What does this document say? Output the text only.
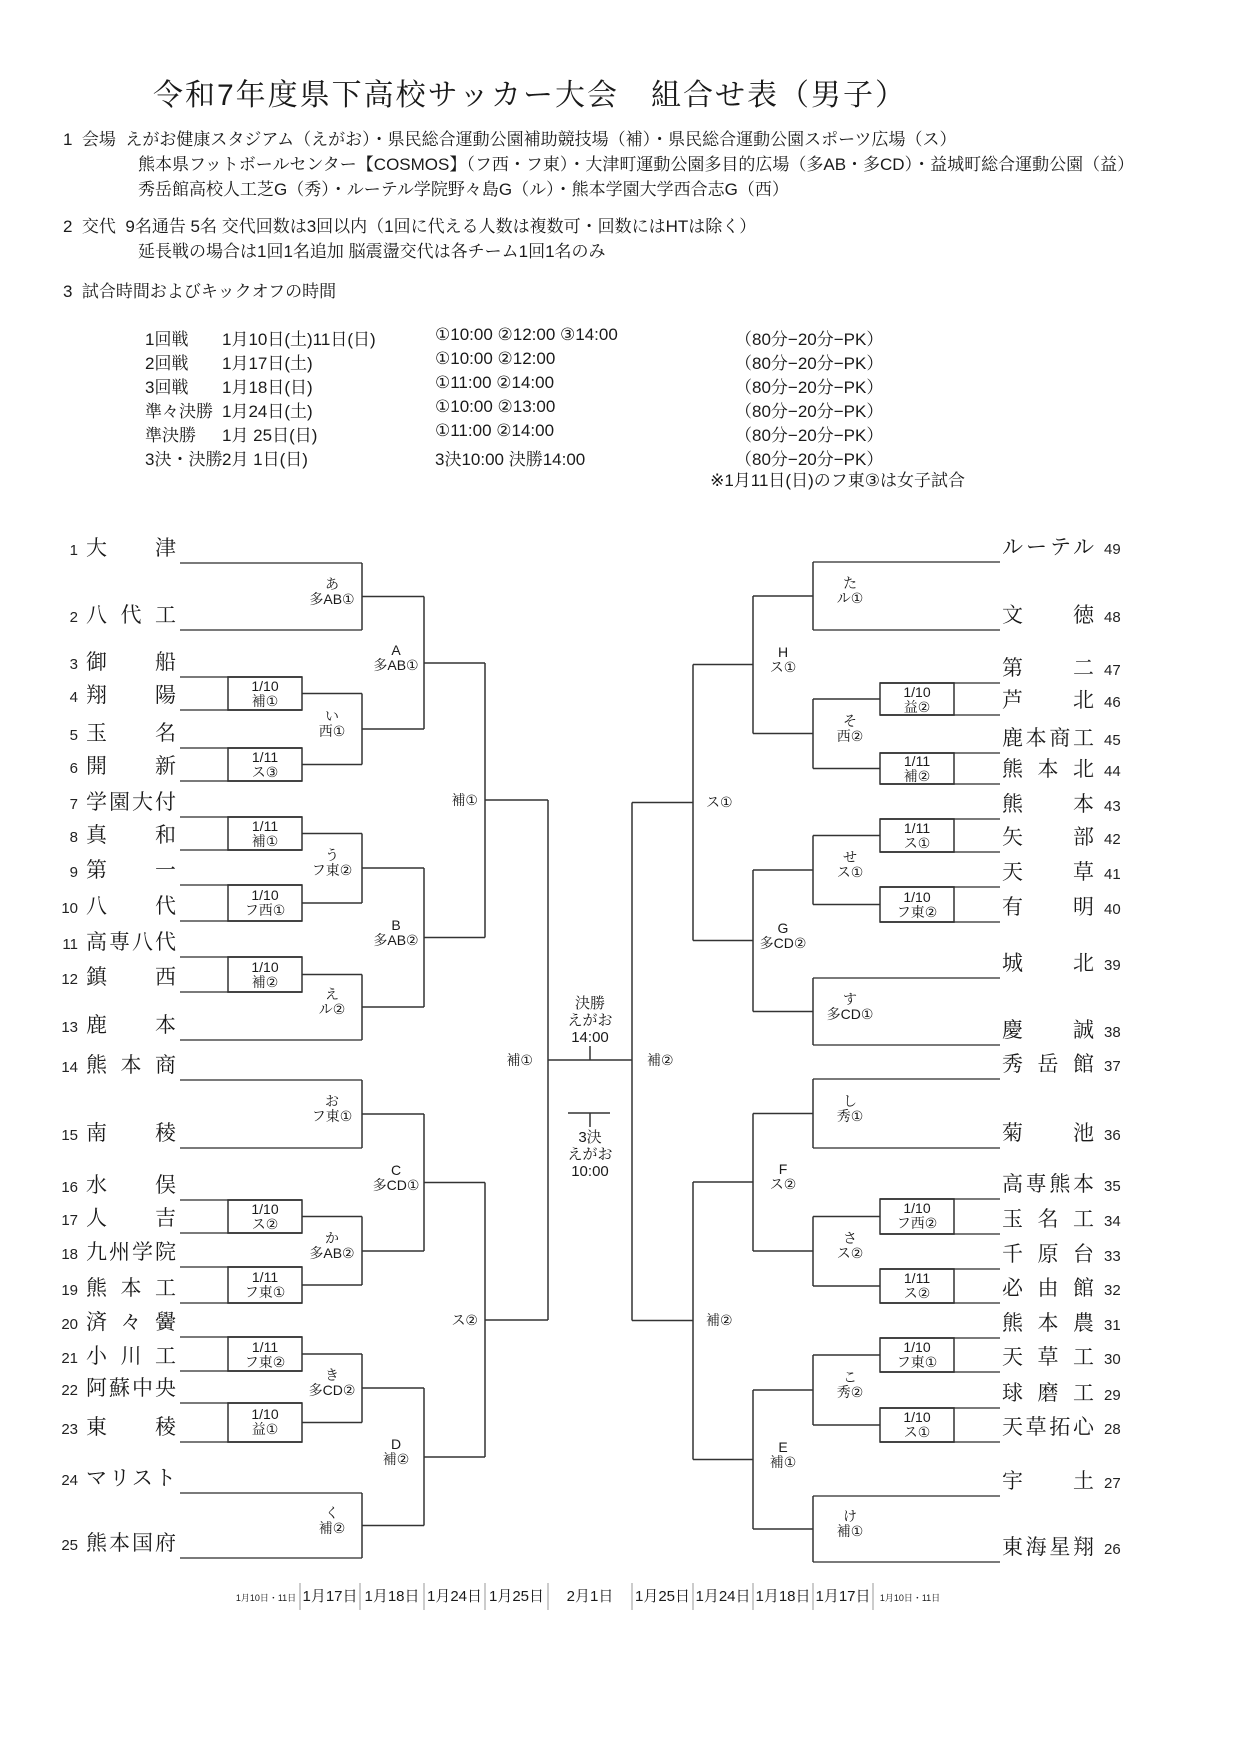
令和7年度県下高校サッカー大会　組合せ表（男子）
1 会場 えがお健康スタジアム（えがお）・県民総合運動公園補助競技場（補）・県民総合運動公園スポーツ広場（ス）
熊本県フットボールセンター【COSMOS】（フ西・フ東）・大津町運動公園多目的広場（多AB・多CD）・益城町総合運動公園（益）
秀岳館高校人工芝G（秀）・ルーテル学院野々島G（ル）・熊本学園大学西合志G（西）
2 交代 9名通告 5名 交代回数は3回以内（1回に代える人数は複数可・回数にはHTは除く）
延長戦の場合は1回1名追加 脳震盪交代は各チーム1回1名のみ
3 試合時間およびキックオフの時間
1回戦 1月10日(土)11日(日)	①10:00 ②12:00 ③14:00	（80分−20分−PK）
2回戦 1月17日(土)	①10:00 ②12:00	（80分−20分−PK）
3回戦 1月18日(日)	①11:00 ②14:00	（80分−20分−PK）
準々決勝 1月24日(土)	①10:00 ②13:00	（80分−20分−PK）
準決勝 1月 25日(日)	①11:00 ②14:00	（80分−20分−PK）
3決・決勝 2月 1日(日)	3決10:00 決勝14:00	（80分−20分−PK）
※1月11日(日)のフ東③は女子試合
1 大津
2 八代工
3 御船
4 翔陽
5 玉名
6 開新
7 学園大付
8 真和
9 第一
10 八代
11 高専八代
12 鎮西
13 鹿本
14 熊本商
15 南稜
16 水俣
17 人吉
18 九州学院
19 熊本工
20 済々黌
21 小川工
22 阿蘇中央
23 東稜
24 マリスト
25 熊本国府
ルーテル 49
文徳 48
第二 47
芦北 46
鹿本商工 45
熊本北 44
熊本 43
矢部 42
天草 41
有明 40
城北 39
慶誠 38
秀岳館 37
菊池 36
高専熊本 35
玉名工 34
千原台 33
必由館 32
熊本農 31
天草工 30
球磨工 29
天草拓心 28
宇土 27
東海星翔 26
1/10
補①
1/11
ス③
1/11
補①
1/10
フ西①
1/10
補②
1/10
ス②
1/11
フ東①
1/11
フ東②
1/10
益①
1/10
益②
1/11
補②
1/11
ス①
1/10
フ東②
1/10
フ西②
1/11
ス②
1/10
フ東①
1/10
ス①
あ
多AB①
い
西①
う
フ東②
え
ル②
お
フ東①
か
多AB②
き
多CD②
く
補②
た
ル①
そ
西②
せ
ス①
す
多CD①
し
秀①
さ
ス②
こ
秀②
け
補①
A
多AB①
B
多AB②
C
多CD①
D
補②
H
ス①
G
多CD②
F
ス②
E
補①
補①
ス②
ス①
補②
補①	補②
決勝
えがお
14:00
3決
えがお
10:00
1月10日・11日 1月17日 1月18日 1月24日 1月25日	2月1日	1月25日 1月24日 1月18日 1月17日	1月10日・11日
